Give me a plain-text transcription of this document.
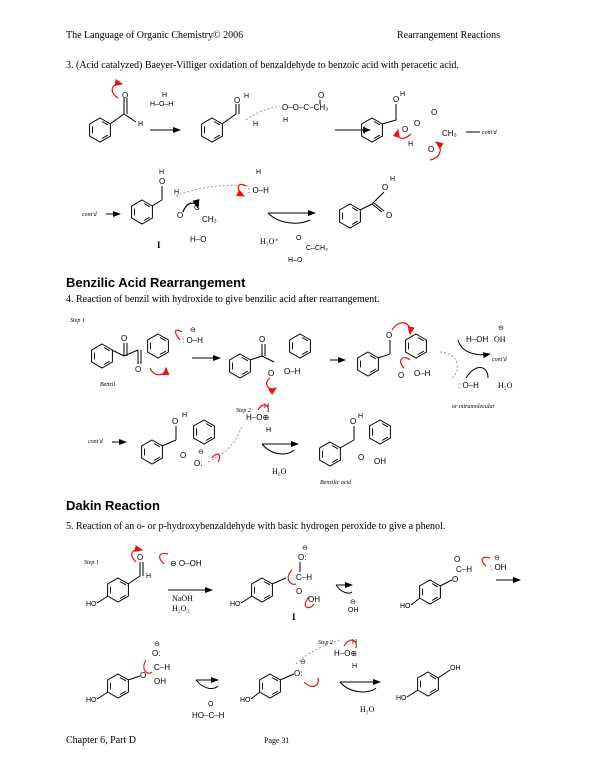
The Language of Organic Chemistry© 2006	Rearrangement Reactions
3. (Acid catalyzed) Baeyer-Villiger oxidation of benzaldehyde to benzoic acid with peracetic acid.
Benzilic Acid Rearrangement
4. Reaction of benzil with hydroxide to give benzilic acid after rearrangement.
Dakin Reaction
5. Reaction of an o- or p-hydroxybenzaldehyde with basic hydrogen peroxide to give a phenol.
O
H
H–O–H
H
O H
H
O–O–C–CH₃
O
H
O
H
O
O
O
CH₃
O
H
cont'd
cont'd
O
H
H
O
C
CH₃
H–O
I
H
: O–H
H₃O⁺ O
C–CH₃
H–O
O
H
O
Step 1
O
O
Benzil
⊖
: O–H	O
O O–H
O
O O–H
H–OH OH
⊖
cont'd
: O–H H₂O
or intramolecular
cont'd
O
H
O
O:
⊖
Step 2
H
H–O⊕
H
H₂O
O
H
O OH
Benzilic acid
Step 1
O
H
HO
⊖ O–OH
NaOH
H₂O₂	HO
⊖
O:
C–H
O
OH
I
OH
⊖
HO
O
C–H
O	⊖
: OH
HO
O
⊖
O:
C–H
OH
O
HO–C–H
HO
O:
⊖
Step 2	H
H–O⊕
H
H₂O
HO
OH
Chapter 6, Part D	Page 31
